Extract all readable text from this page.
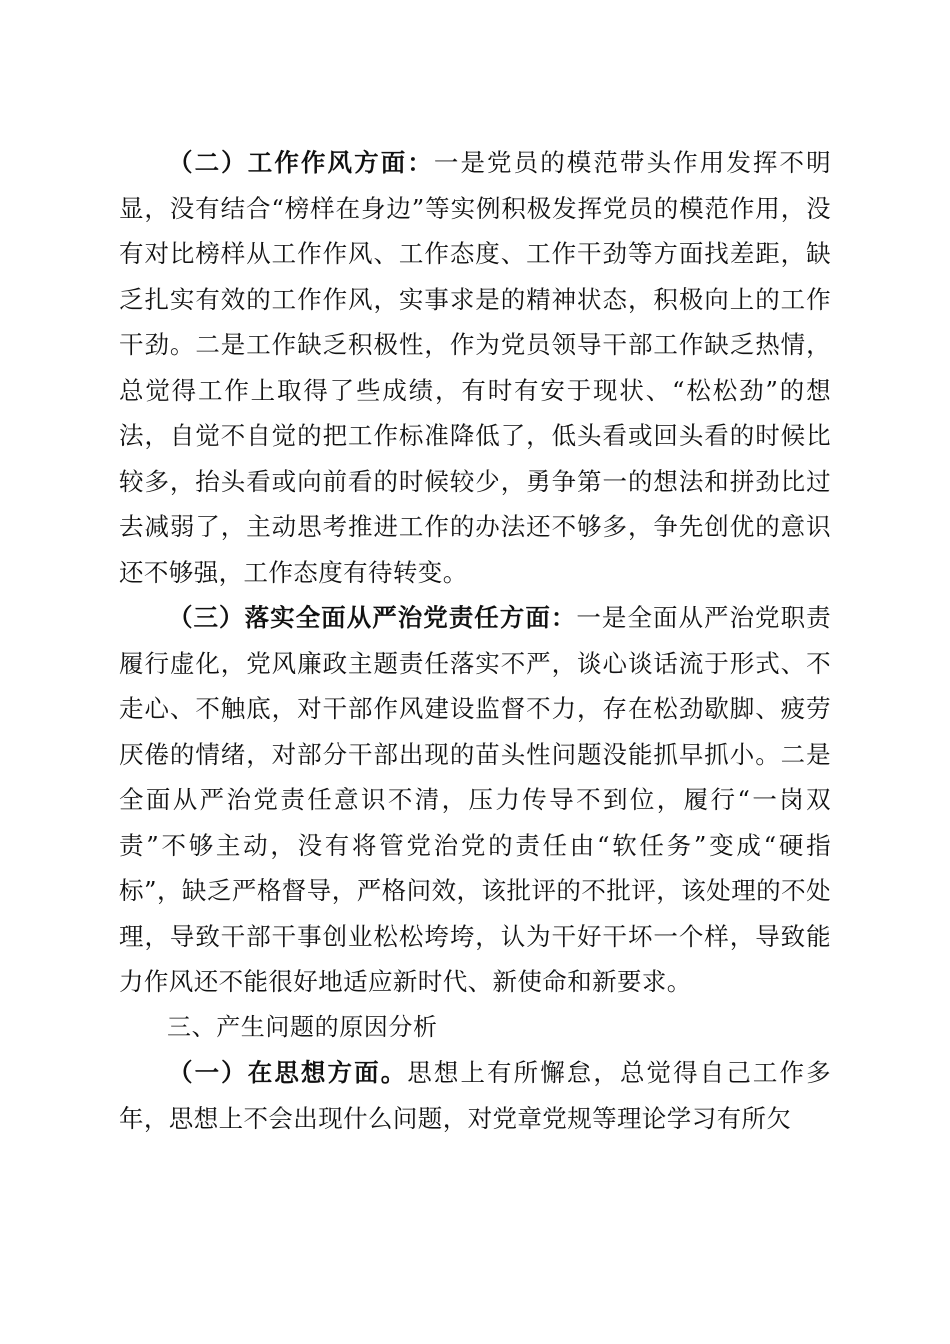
（二）工作作风方面：一是党员的模范带头作用发挥不明显，没有结合“榜样在身边”等实例积极发挥党员的模范作用，没有对比榜样从工作作风、工作态度、工作干劲等方面找差距，缺乏扎实有效的工作作风，实事求是的精神状态，积极向上的工作干劲。二是工作缺乏积极性，作为党员领导干部工作缺乏热情，总觉得工作上取得了些成绩，有时有安于现状、“松松劲”的想法，自觉不自觉的把工作标准降低了，低头看或回头看的时候比较多，抬头看或向前看的时候较少，勇争第一的想法和拼劲比过去减弱了，主动思考推进工作的办法还不够多，争先创优的意识还不够强，工作态度有待转变。

（三）落实全面从严治党责任方面：一是全面从严治党职责履行虚化，党风廉政主题责任落实不严，谈心谈话流于形式、不走心、不触底，对干部作风建设监督不力，存在松劲歇脚、疲劳厌倦的情绪，对部分干部出现的苗头性问题没能抓早抓小。二是全面从严治党责任意识不清，压力传导不到位，履行“一岗双责”不够主动，没有将管党治党的责任由“软任务”变成“硬指标”，缺乏严格督导，严格问效，该批评的不批评，该处理的不处理，导致干部干事创业松松垮垮，认为干好干坏一个样，导致能力作风还不能很好地适应新时代、新使命和新要求。

三、产生问题的原因分析

（一）在思想方面。思想上有所懈怠，总觉得自己工作多年，思想上不会出现什么问题，对党章党规等理论学习有所欠
